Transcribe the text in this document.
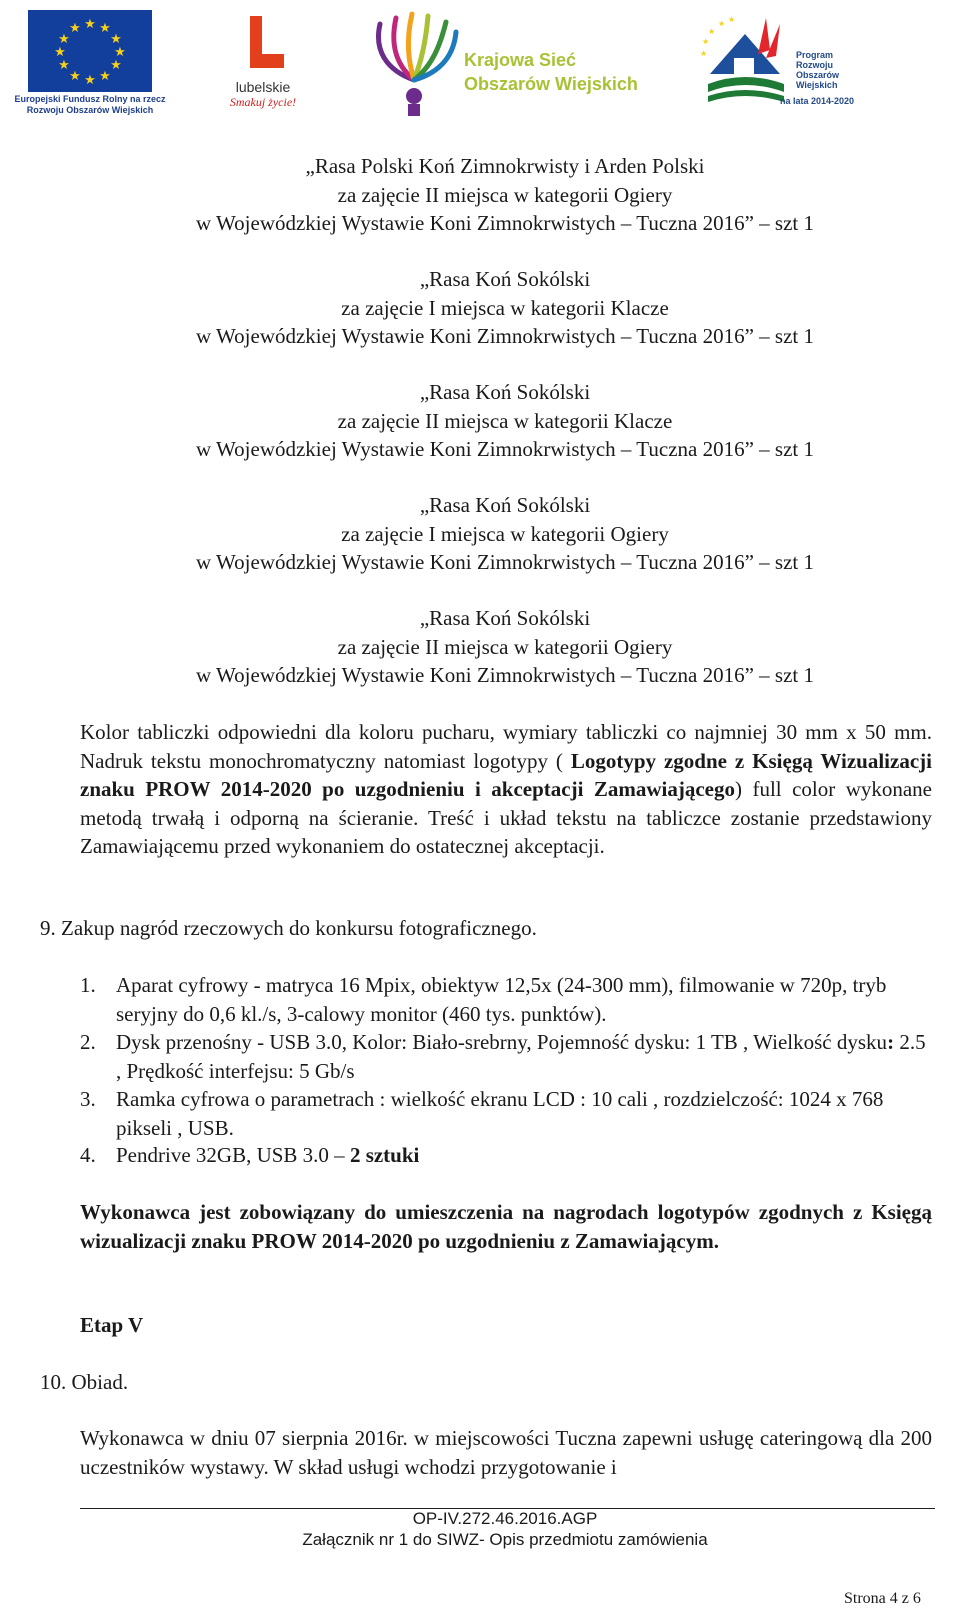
★ ★
★
★
★
★
★
★
★
★
★
★
Europejski Fundusz Rolny na rzecz
Rozwoju Obszarów Wiejskich
lubelskie
Smakuj życie!
Krajowa Sieć
Obszarów Wiejskich
★
★
★ ★
★	Program
Rozwoju
Obszarów
Wiejskich
na lata 2014-2020

„Rasa Polski Koń Zimnokrwisty i Arden Polski

za zajęcie II miejsca w kategorii Ogiery

w Wojewódzkiej Wystawie Koni Zimnokrwistych – Tuczna 2016” – szt 1

„Rasa Koń Sokólski

za zajęcie I miejsca w kategorii Klacze

w Wojewódzkiej Wystawie Koni Zimnokrwistych – Tuczna 2016” – szt 1

„Rasa Koń Sokólski

za zajęcie II miejsca w kategorii Klacze

w Wojewódzkiej Wystawie Koni Zimnokrwistych – Tuczna 2016” – szt 1

„Rasa Koń Sokólski

za zajęcie I miejsca w kategorii Ogiery

w Wojewódzkiej Wystawie Koni Zimnokrwistych – Tuczna 2016” – szt 1

„Rasa Koń Sokólski

za zajęcie II miejsca w kategorii Ogiery

w Wojewódzkiej Wystawie Koni Zimnokrwistych – Tuczna 2016” – szt 1

Kolor tabliczki odpowiedni dla koloru pucharu, wymiary tabliczki co najmniej 30 mm x 50 mm. Nadruk tekstu monochromatyczny natomiast logotypy ( Logotypy zgodne z Księgą Wizualizacji znaku PROW 2014-2020 po uzgodnieniu i akceptacji Zamawiającego) full color wykonane metodą trwałą i odporną na ścieranie. Treść i układ tekstu na tabliczce zostanie przedstawiony Zamawiającemu przed wykonaniem do ostatecznej akceptacji.

9. Zakup nagród rzeczowych do konkursu fotograficznego.
1. Aparat cyfrowy - matryca 16 Mpix, obiektyw 12,5x (24-300 mm), filmowanie w 720p, tryb seryjny do 0,6 kl./s, 3-calowy monitor (460 tys. punktów).
2. Dysk przenośny - USB 3.0, Kolor: Biało-srebrny, Pojemność dysku: 1 TB , Wielkość dysku: 2.5 , Prędkość interfejsu: 5 Gb/s
3. Ramka cyfrowa o parametrach : wielkość ekranu LCD : 10 cali , rozdzielczość: 1024 x 768 pikseli , USB.
4. Pendrive 32GB, USB 3.0 – 2 sztuki
Wykonawca jest zobowiązany do umieszczenia na nagrodach logotypów zgodnych z Księgą wizualizacji znaku PROW 2014-2020 po uzgodnieniu z Zamawiającym.
Etap V
10. Obiad.
Wykonawca w dniu 07 sierpnia 2016r. w miejscowości Tuczna zapewni usługę cateringową dla 200 uczestników wystawy. W skład usługi wchodzi przygotowanie i
OP-IV.272.46.2016.AGP
Załącznik nr 1 do SIWZ- Opis przedmiotu zamówienia
Strona 4 z 6
